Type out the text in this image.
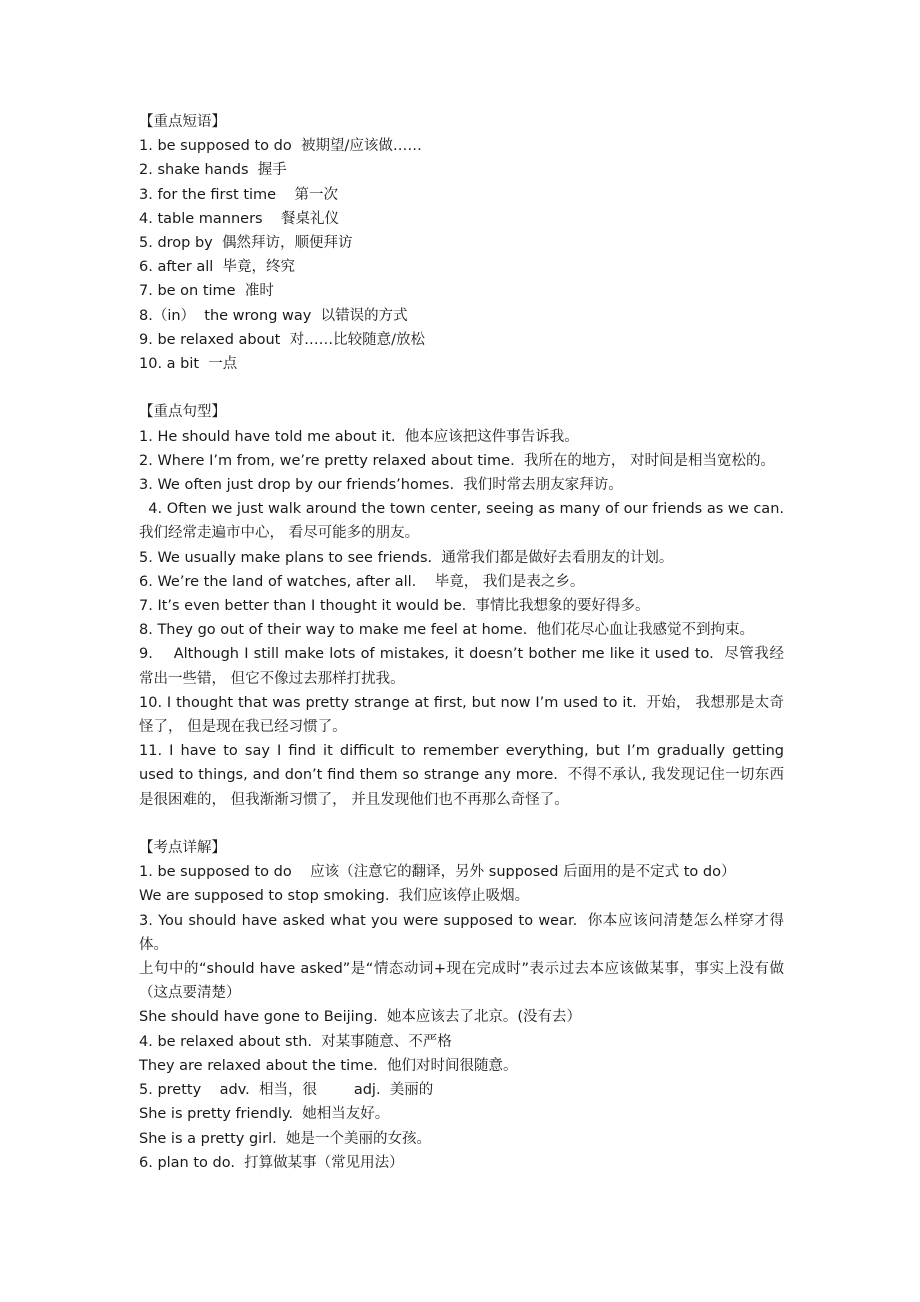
【重点短语】

1. be supposed to do  被期望/应该做……

2. shake hands  握手

3. for the first time    第一次

4. table manners    餐桌礼仪

5. drop by  偶然拜访，顺便拜访

6. after all  毕竟，终究

7. be on time  准时

8.（in）  the wrong way  以错误的方式

9. be relaxed about  对……比较随意/放松

10. a bit  一点

【重点句型】

1. He should have told me about it.  他本应该把这件事告诉我。

2. Where I’m from, we’re pretty relaxed about time.  我所在的地方， 对时间是相当宽松的。

3. We often just drop by our friends’homes.  我们时常去朋友家拜访。

4. Often we just walk around the town center, seeing as many of our friends as we can.  我们经常走遍市中心， 看尽可能多的朋友。

5. We usually make plans to see friends.  通常我们都是做好去看朋友的计划。

6. We’re the land of watches, after all.    毕竟， 我们是表之乡。

7. It’s even better than I thought it would be.  事情比我想象的要好得多。

8. They go out of their way to make me feel at home.  他们花尽心血让我感觉不到拘束。

9.    Although I still make lots of mistakes, it doesn’t bother me like it used to.  尽管我经常出一些错， 但它不像过去那样打扰我。

10. I thought that was pretty strange at first, but now I’m used to it.  开始， 我想那是太奇怪了， 但是现在我已经习惯了。

11. I have to say I find it difficult to remember everything, but I’m gradually getting used to things, and don’t find them so strange any more.  不得不承认, 我发现记住一切东西是很困难的， 但我渐渐习惯了， 并且发现他们也不再那么奇怪了。

【考点详解】

1. be supposed to do    应该（注意它的翻译，另外 supposed 后面用的是不定式 to do）

We are supposed to stop smoking.  我们应该停止吸烟。

3. You should have asked what you were supposed to wear.  你本应该问清楚怎么样穿才得体。

上句中的“should have asked”是“情态动词+现在完成时”表示过去本应该做某事，事实上没有做（这点要清楚）

She should have gone to Beijing.  她本应该去了北京。(没有去）

4. be relaxed about sth.  对某事随意、不严格

They are relaxed about the time.  他们对时间很随意。

5. pretty    adv.  相当，很        adj.  美丽的

She is pretty friendly.  她相当友好。

She is a pretty girl.  她是一个美丽的女孩。

6. plan to do.  打算做某事（常见用法）
